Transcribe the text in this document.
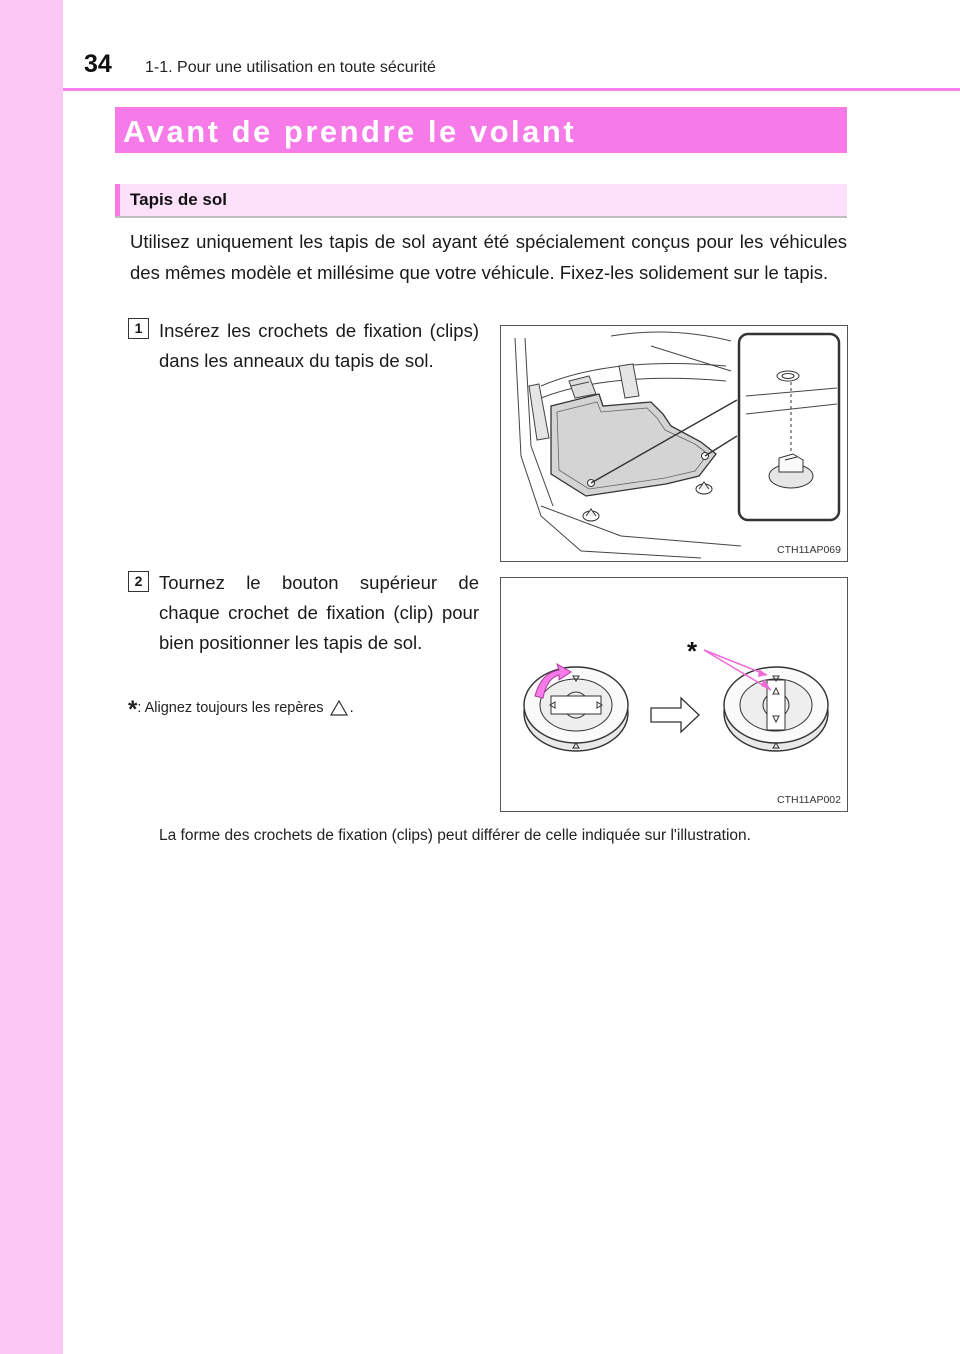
34 1-1. Pour une utilisation en toute sécurité
Avant de prendre le volant
Tapis de sol
Utilisez uniquement les tapis de sol ayant été spécialement conçus pour les véhicules des mêmes modèle et millésime que votre véhicule. Fixez-les solidement sur le tapis.
1 Insérez les crochets de fixation (clips) dans les anneaux du tapis de sol.
CTH11AP069
2 Tournez le bouton supérieur de chaque crochet de fixation (clip) pour bien positionner les tapis de sol.
*: Alignez toujours les repères .
*
CTH11AP002
La forme des crochets de fixation (clips) peut différer de celle indiquée sur l'illustration.
